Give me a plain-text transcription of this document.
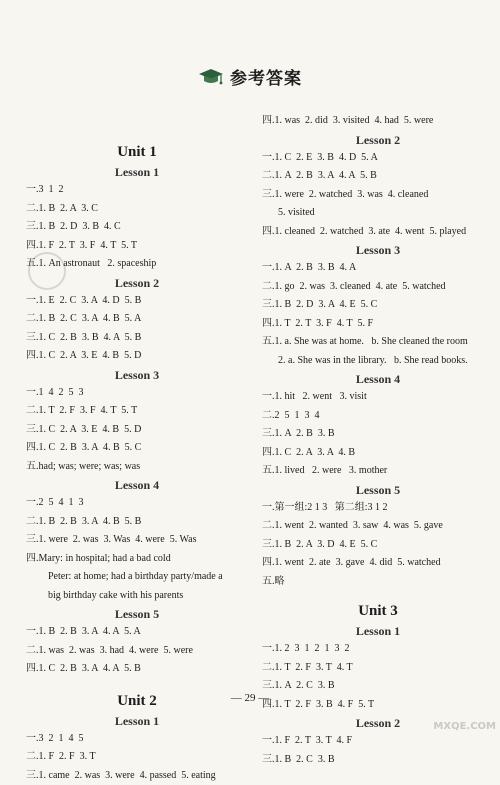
参考答案
Unit 1
Lesson 1
一.3  1  2
二.1. B  2. A  3. C
三.1. B  2. D  3. B  4. C
四.1. F  2. T  3. F  4. T  5. T
五.1. An astronaut   2. spaceship
Lesson 2
一.1. E  2. C  3. A  4. D  5. B
二.1. B  2. C  3. A  4. B  5. A
三.1. C  2. B  3. B  4. A  5. B
四.1. C  2. A  3. E  4. B  5. D
Lesson 3
一.1  4  2  5  3
二.1. T  2. F  3. F  4. T  5. T
三.1. C  2. A  3. E  4. B  5. D
四.1. C  2. B  3. A  4. B  5. C
五.had; was; were; was; was
Lesson 4
一.2  5  4  1  3
二.1. B  2. B  3. A  4. B  5. B
三.1. were  2. was  3. Was  4. were  5. Was
四.Mary: in hospital; had a bad cold
Peter: at home; had a birthday party/made a
big birthday cake with his parents
Lesson 5
一.1. B  2. B  3. A  4. A  5. A
二.1. was  2. was  3. had  4. were  5. were
四.1. C  2. B  3. A  4. A  5. B
Unit 2
Lesson 1
一.3  2  1  4  5
二.1. F  2. F  3. T
三.1. came  2. was  3. were  4. passed  5. eating
四.1. was  2. did  3. visited  4. had  5. were
Lesson 2
一.1. C  2. E  3. B  4. D  5. A
二.1. A  2. B  3. A  4. A  5. B
三.1. were  2. watched  3. was  4. cleaned
5. visited
四.1. cleaned  2. watched  3. ate  4. went  5. played
Lesson 3
一.1. A  2. B  3. B  4. A
二.1. go  2. was  3. cleaned  4. ate  5. watched
三.1. B  2. D  3. A  4. E  5. C
四.1. T  2. T  3. F  4. T  5. F
五.1. a. She was at home.   b. She cleaned the room
2. a. She was in the library.   b. She read books.
Lesson 4
一.1. hit   2. went   3. visit
二.2  5  1  3  4
三.1. A  2. B  3. B
四.1. C  2. A  3. A  4. B
五.1. lived   2. were   3. mother
Lesson 5
一.第一组:2 1 3   第二组:3 1 2
二.1. went  2. wanted  3. saw  4. was  5. gave
三.1. B  2. A  3. D  4. E  5. C
四.1. went  2. ate  3. gave  4. did  5. watched
五.略
Unit 3
Lesson 1
一.1. 2  3  1  2  1  3  2
二.1. T  2. F  3. T  4. T
三.1. A  2. C  3. B
四.1. T  2. F  3. B  4. F  5. T
Lesson 2
一.1. F  2. T  3. T  4. F
三.1. B  2. C  3. B
— 29 —
MXQE.COM
